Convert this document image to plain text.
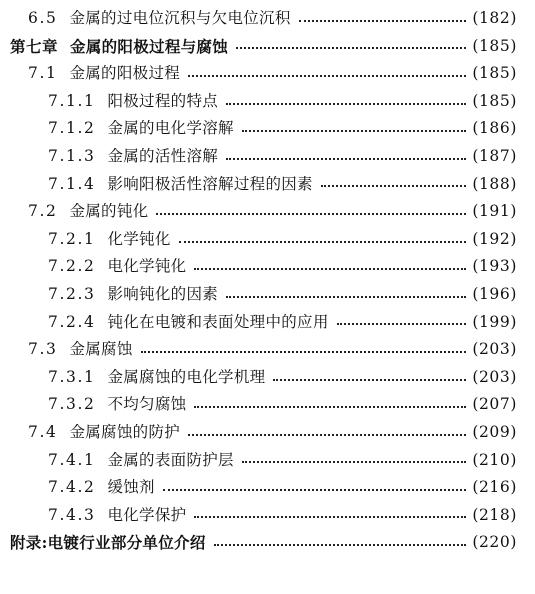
6.5 金属的过电位沉积与欠电位沉积	(182)
第七章 金属的阳极过程与腐蚀	(185)
7.1 金属的阳极过程	(185)
7.1.1 阳极过程的特点	(185)
7.1.2 金属的电化学溶解	(186)
7.1.3 金属的活性溶解	(187)
7.1.4 影响阳极活性溶解过程的因素	(188)
7.2 金属的钝化	(191)
7.2.1 化学钝化	(192)
7.2.2 电化学钝化	(193)
7.2.3 影响钝化的因素	(196)
7.2.4 钝化在电镀和表面处理中的应用	(199)
7.3 金属腐蚀	(203)
7.3.1 金属腐蚀的电化学机理	(203)
7.3.2 不均匀腐蚀	(207)
7.4 金属腐蚀的防护	(209)
7.4.1 金属的表面防护层	(210)
7.4.2 缓蚀剂	(216)
7.4.3 电化学保护	(218)
附录:电镀行业部分单位介绍	(220)
